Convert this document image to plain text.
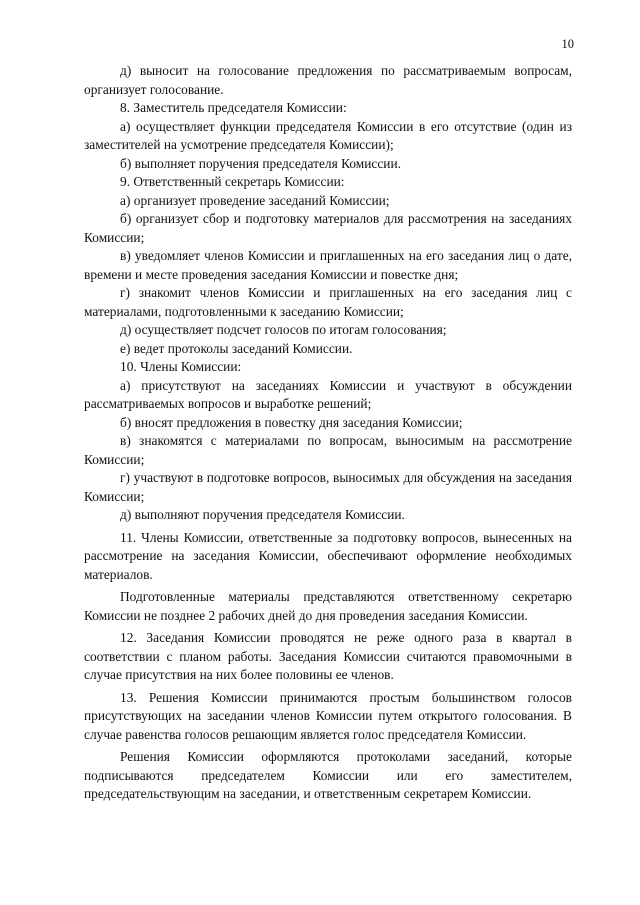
10

д) выносит на голосование предложения по рассматриваемым вопросам, организует голосование.

8. Заместитель председателя Комиссии:

а) осуществляет функции председателя Комиссии в его отсутствие (один из заместителей на усмотрение председателя Комиссии);

б) выполняет поручения председателя Комиссии.

9. Ответственный секретарь Комиссии:

а) организует проведение заседаний Комиссии;

б) организует сбор и подготовку материалов для рассмотрения на заседаниях Комиссии;

в) уведомляет членов Комиссии и приглашенных на его заседания лиц о дате, времени и месте проведения заседания Комиссии и повестке дня;

г) знакомит членов Комиссии и приглашенных на его заседания лиц с материалами, подготовленными к заседанию Комиссии;

д) осуществляет подсчет голосов по итогам голосования;

е) ведет протоколы заседаний Комиссии.

10. Члены Комиссии:

а) присутствуют на заседаниях Комиссии и участвуют в обсуждении рассматриваемых вопросов и выработке решений;

б) вносят предложения в повестку дня заседания Комиссии;

в) знакомятся с материалами по вопросам, выносимым на рассмотрение Комиссии;

г) участвуют в подготовке вопросов, выносимых для обсуждения на заседания Комиссии;

д) выполняют поручения председателя Комиссии.

11. Члены Комиссии, ответственные за подготовку вопросов, вынесенных на рассмотрение на заседания Комиссии, обеспечивают оформление необходимых материалов.

Подготовленные материалы представляются ответственному секретарю Комиссии не позднее 2 рабочих дней до дня проведения заседания Комиссии.

12. Заседания Комиссии проводятся не реже одного раза в квартал в соответствии с планом работы. Заседания Комиссии считаются правомочными в случае присутствия на них более половины ее членов.

13. Решения Комиссии принимаются простым большинством голосов присутствующих на заседании членов Комиссии путем открытого голосования. В случае равенства голосов решающим является голос председателя Комиссии.

Решения Комиссии оформляются протоколами заседаний, которые подписываются председателем Комиссии или его заместителем, председательствующим на заседании, и ответственным секретарем Комиссии.
